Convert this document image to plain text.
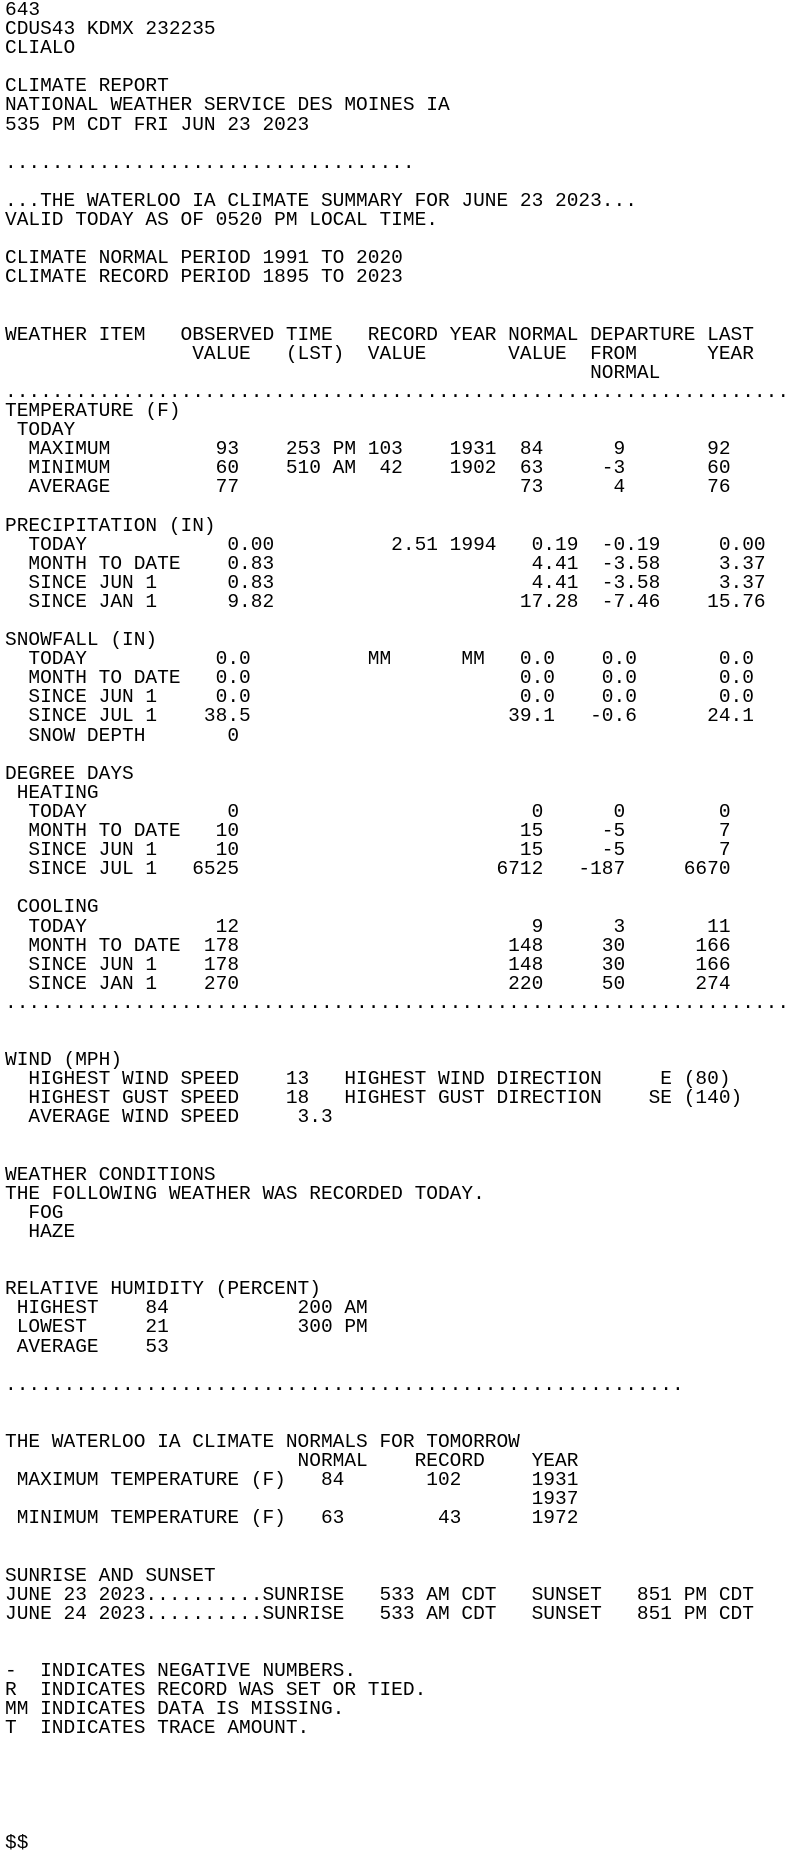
643
CDUS43 KDMX 232235
CLIALO
CLIMATE REPORT
NATIONAL WEATHER SERVICE DES MOINES IA
535 PM CDT FRI JUN 23 2023
...................................
...THE WATERLOO IA CLIMATE SUMMARY FOR JUNE 23 2023...
VALID TODAY AS OF 0520 PM LOCAL TIME.
CLIMATE NORMAL PERIOD 1991 TO 2020
CLIMATE RECORD PERIOD 1895 TO 2023
WEATHER ITEM   OBSERVED TIME   RECORD YEAR NORMAL DEPARTURE LAST
VALUE   (LST)  VALUE       VALUE  FROM      YEAR
NORMAL
...................................................................
TEMPERATURE (F)
TODAY
MAXIMUM         93    253 PM 103    1931  84      9       92
MINIMUM         60    510 AM  42    1902  63     -3       60
AVERAGE         77                        73      4       76
PRECIPITATION (IN)
TODAY            0.00          2.51 1994   0.19  -0.19     0.00
MONTH TO DATE    0.83                      4.41  -3.58     3.37
SINCE JUN 1      0.83                      4.41  -3.58     3.37
SINCE JAN 1      9.82                     17.28  -7.46    15.76
SNOWFALL (IN)
TODAY           0.0          MM      MM   0.0    0.0       0.0
MONTH TO DATE   0.0                       0.0    0.0       0.0
SINCE JUN 1     0.0                       0.0    0.0       0.0
SINCE JUL 1    38.5                      39.1   -0.6      24.1
SNOW DEPTH       0
DEGREE DAYS
HEATING
TODAY            0                         0      0        0
MONTH TO DATE   10                        15     -5        7
SINCE JUN 1     10                        15     -5        7
SINCE JUL 1   6525                      6712   -187     6670
COOLING
TODAY           12                         9      3       11
MONTH TO DATE  178                       148     30      166
SINCE JUN 1    178                       148     30      166
SINCE JAN 1    270                       220     50      274
...................................................................
WIND (MPH)
HIGHEST WIND SPEED    13   HIGHEST WIND DIRECTION     E (80)
HIGHEST GUST SPEED    18   HIGHEST GUST DIRECTION    SE (140)
AVERAGE WIND SPEED     3.3
WEATHER CONDITIONS
THE FOLLOWING WEATHER WAS RECORDED TODAY.
FOG
HAZE
RELATIVE HUMIDITY (PERCENT)
HIGHEST    84           200 AM
LOWEST     21           300 PM
AVERAGE    53
..........................................................
THE WATERLOO IA CLIMATE NORMALS FOR TOMORROW
NORMAL    RECORD    YEAR
MAXIMUM TEMPERATURE (F)   84       102      1931
1937
MINIMUM TEMPERATURE (F)   63        43      1972
SUNRISE AND SUNSET
JUNE 23 2023..........SUNRISE   533 AM CDT   SUNSET   851 PM CDT
JUNE 24 2023..........SUNRISE   533 AM CDT   SUNSET   851 PM CDT
-  INDICATES NEGATIVE NUMBERS.
R  INDICATES RECORD WAS SET OR TIED.
MM INDICATES DATA IS MISSING.
T  INDICATES TRACE AMOUNT.
$$
